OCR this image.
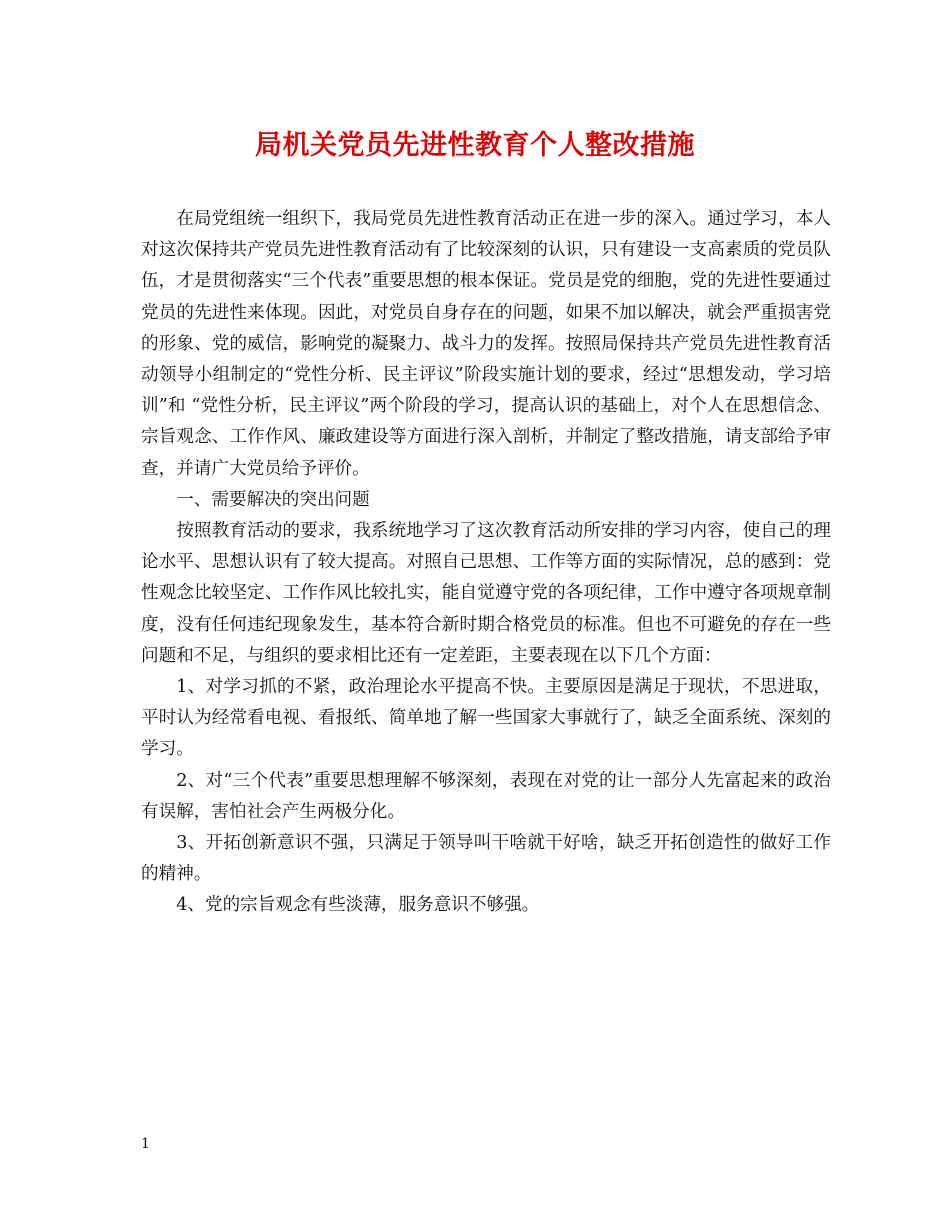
局机关党员先进性教育个人整改措施

在局党组统一组织下，我局党员先进性教育活动正在进一步的深入。通过学习，本人对这次保持共产党员先进性教育活动有了比较深刻的认识，只有建设一支高素质的党员队伍，才是贯彻落实“三个代表”重要思想的根本保证。党员是党的细胞，党的先进性要通过党员的先进性来体现。因此，对党员自身存在的问题，如果不加以解决，就会严重损害党的形象、党的威信，影响党的凝聚力、战斗力的发挥。按照局保持共产党员先进性教育活动领导小组制定的“党性分析、民主评议”阶段实施计划的要求，经过“思想发动，学习培训”和 “党性分析，民主评议”两个阶段的学习，提高认识的基础上，对个人在思想信念、宗旨观念、工作作风、廉政建设等方面进行深入剖析，并制定了整改措施，请支部给予审查，并请广大党员给予评价。

一、需要解决的突出问题

按照教育活动的要求，我系统地学习了这次教育活动所安排的学习内容，使自己的理论水平、思想认识有了较大提高。对照自己思想、工作等方面的实际情况，总的感到：党性观念比较坚定、工作作风比较扎实，能自觉遵守党的各项纪律，工作中遵守各项规章制度，没有任何违纪现象发生，基本符合新时期合格党员的标准。但也不可避免的存在一些问题和不足，与组织的要求相比还有一定差距，主要表现在以下几个方面：

1、对学习抓的不紧，政治理论水平提高不快。主要原因是满足于现状，不思进取，平时认为经常看电视、看报纸、简单地了解一些国家大事就行了，缺乏全面系统、深刻的学习。

2、对“三个代表”重要思想理解不够深刻，表现在对党的让一部分人先富起来的政治有误解，害怕社会产生两极分化。

3、开拓创新意识不强，只满足于领导叫干啥就干好啥，缺乏开拓创造性的做好工作的精神。

4、党的宗旨观念有些淡薄，服务意识不够强。

1
